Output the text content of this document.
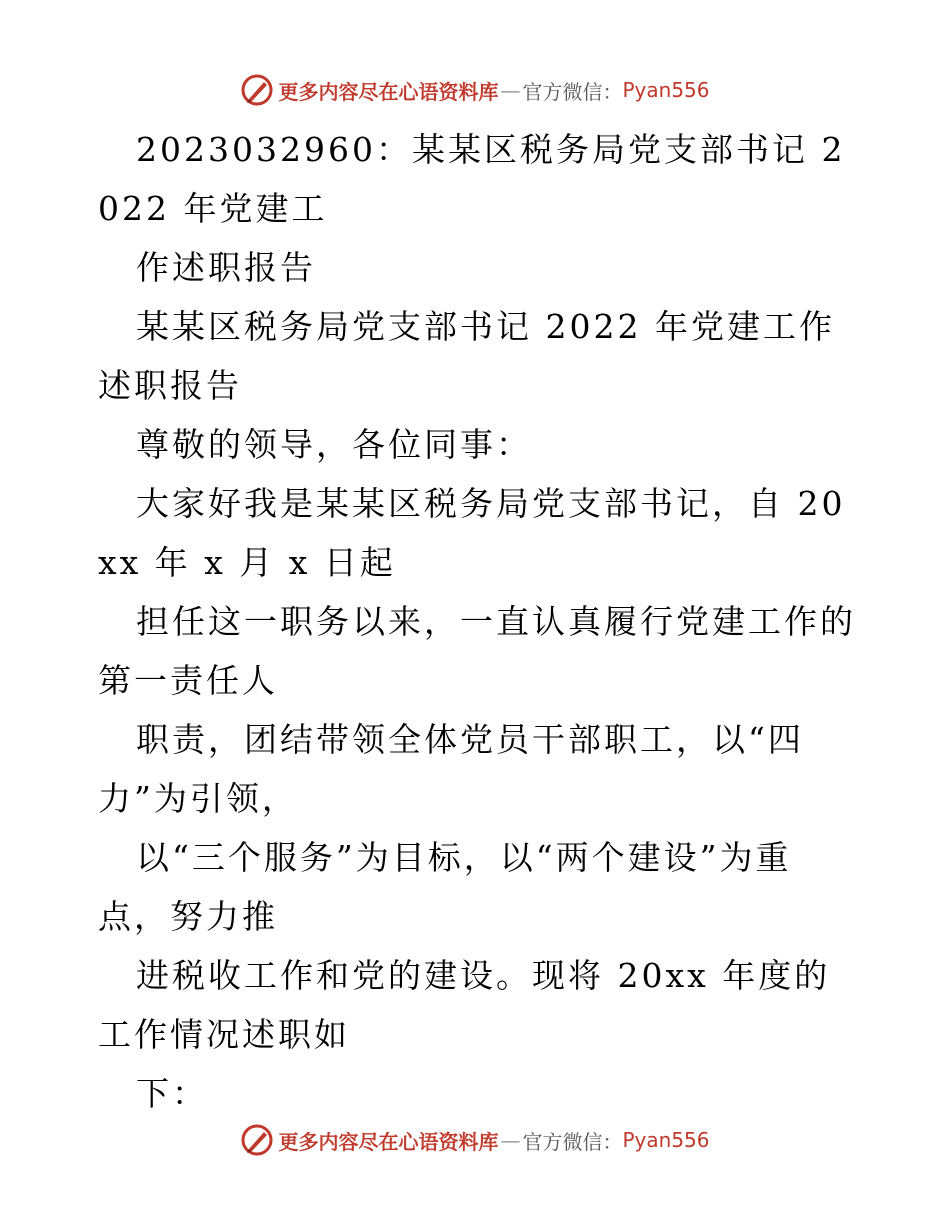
更多内容尽在心语资料库 — 官方微信： Pyan556

2023032960：某某区税务局党支部书记 2022 年党建工

作述职报告

某某区税务局党支部书记 2022 年党建工作述职报告

尊敬的领导，各位同事：

大家好我是某某区税务局党支部书记，自 20xx 年 x 月 x 日起

担任这一职务以来，一直认真履行党建工作的第一责任人

职责，团结带领全体党员干部职工，以“四力”为引领，

以“三个服务”为目标，以“两个建设”为重点，努力推

进税收工作和党的建设。现将 20xx 年度的工作情况述职如

下：

更多内容尽在心语资料库 — 官方微信： Pyan556
